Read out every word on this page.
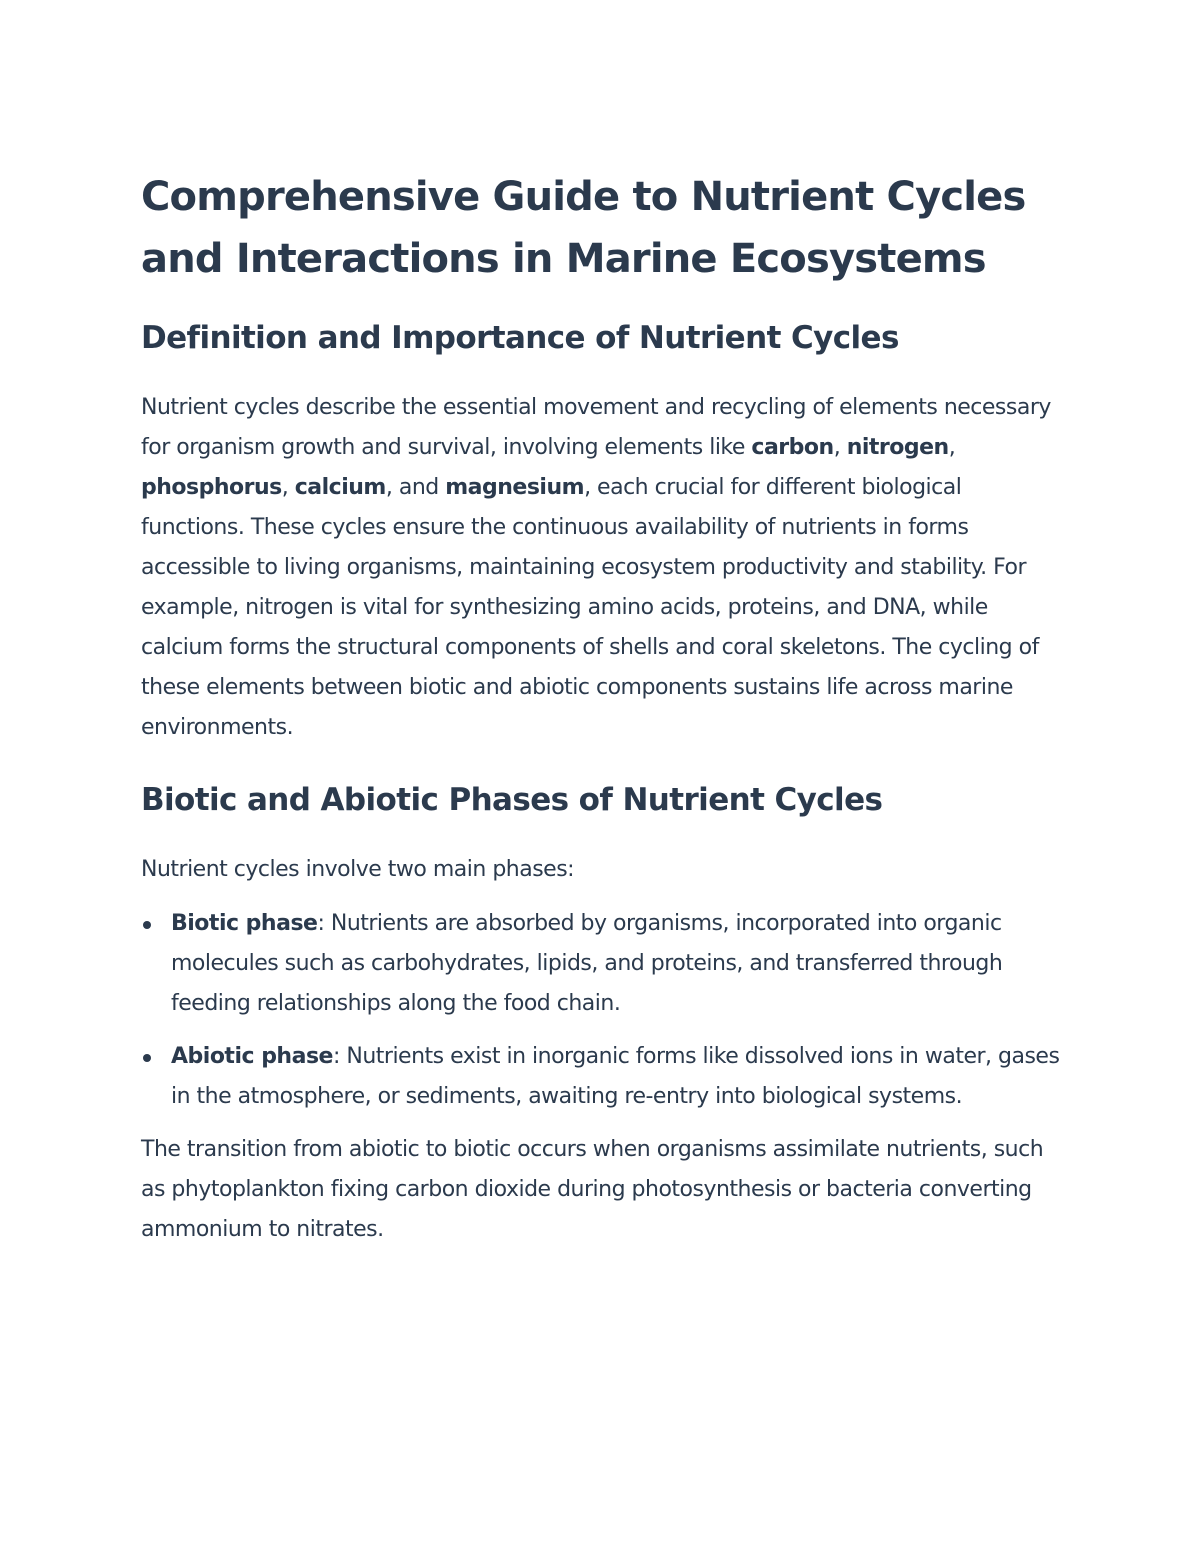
Comprehensive Guide to Nutrient Cycles and Interactions in Marine Ecosystems
Definition and Importance of Nutrient Cycles

Nutrient cycles describe the essential movement and recycling of elements necessary for organism growth and survival, involving elements like carbon, nitrogen, phosphorus, calcium, and magnesium, each crucial for different biological functions. These cycles ensure the continuous availability of nutrients in forms accessible to living organisms, maintaining ecosystem productivity and stability. For example, nitrogen is vital for synthesizing amino acids, proteins, and DNA, while calcium forms the structural components of shells and coral skeletons. The cycling of these elements between biotic and abiotic components sustains life across marine environments.

Biotic and Abiotic Phases of Nutrient Cycles

Nutrient cycles involve two main phases:

Biotic phase: Nutrients are absorbed by organisms, incorporated into organic molecules such as carbohydrates, lipids, and proteins, and transferred through feeding relationships along the food chain.
Abiotic phase: Nutrients exist in inorganic forms like dissolved ions in water, gases in the atmosphere, or sediments, awaiting re-entry into biological systems.

The transition from abiotic to biotic occurs when organisms assimilate nutrients, such as phytoplankton fixing carbon dioxide during photosynthesis or bacteria converting ammonium to nitrates.
